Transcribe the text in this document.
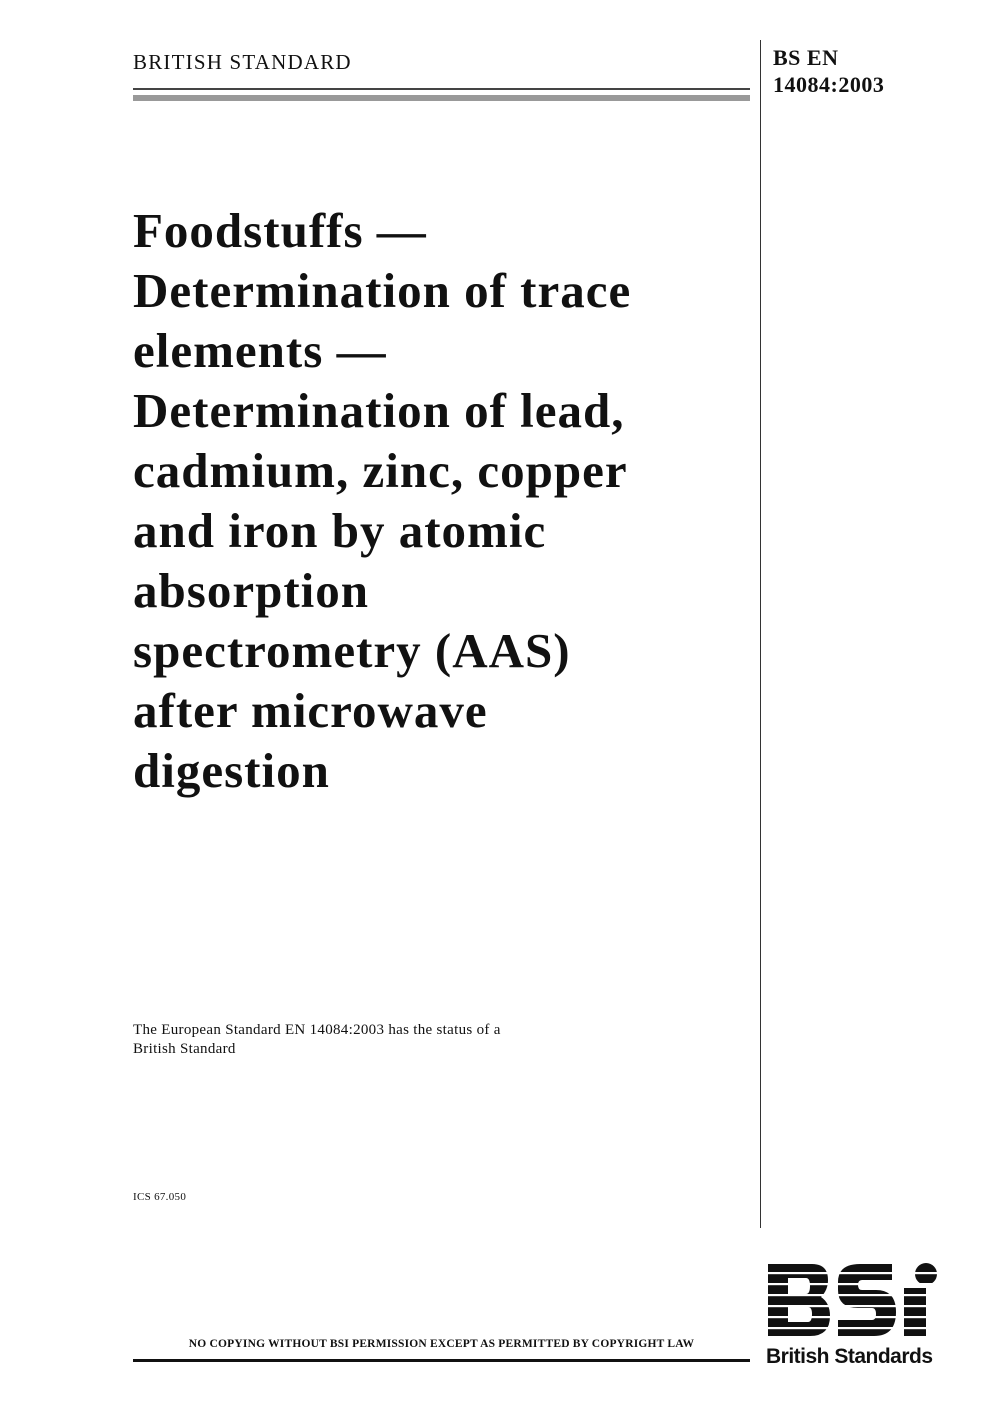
BRITISH STANDARD	BS EN
14084:2003
Foodstuffs —
Determination of trace
elements —
Determination of lead,
cadmium, zinc, copper
and iron by atomic
absorption
spectrometry (AAS)
after microwave
digestion
The European Standard EN 14084:2003 has the status of a
British Standard
ICS 67.050
NO COPYING WITHOUT BSI PERMISSION EXCEPT AS PERMITTED BY COPYRIGHT LAW
British Standards
